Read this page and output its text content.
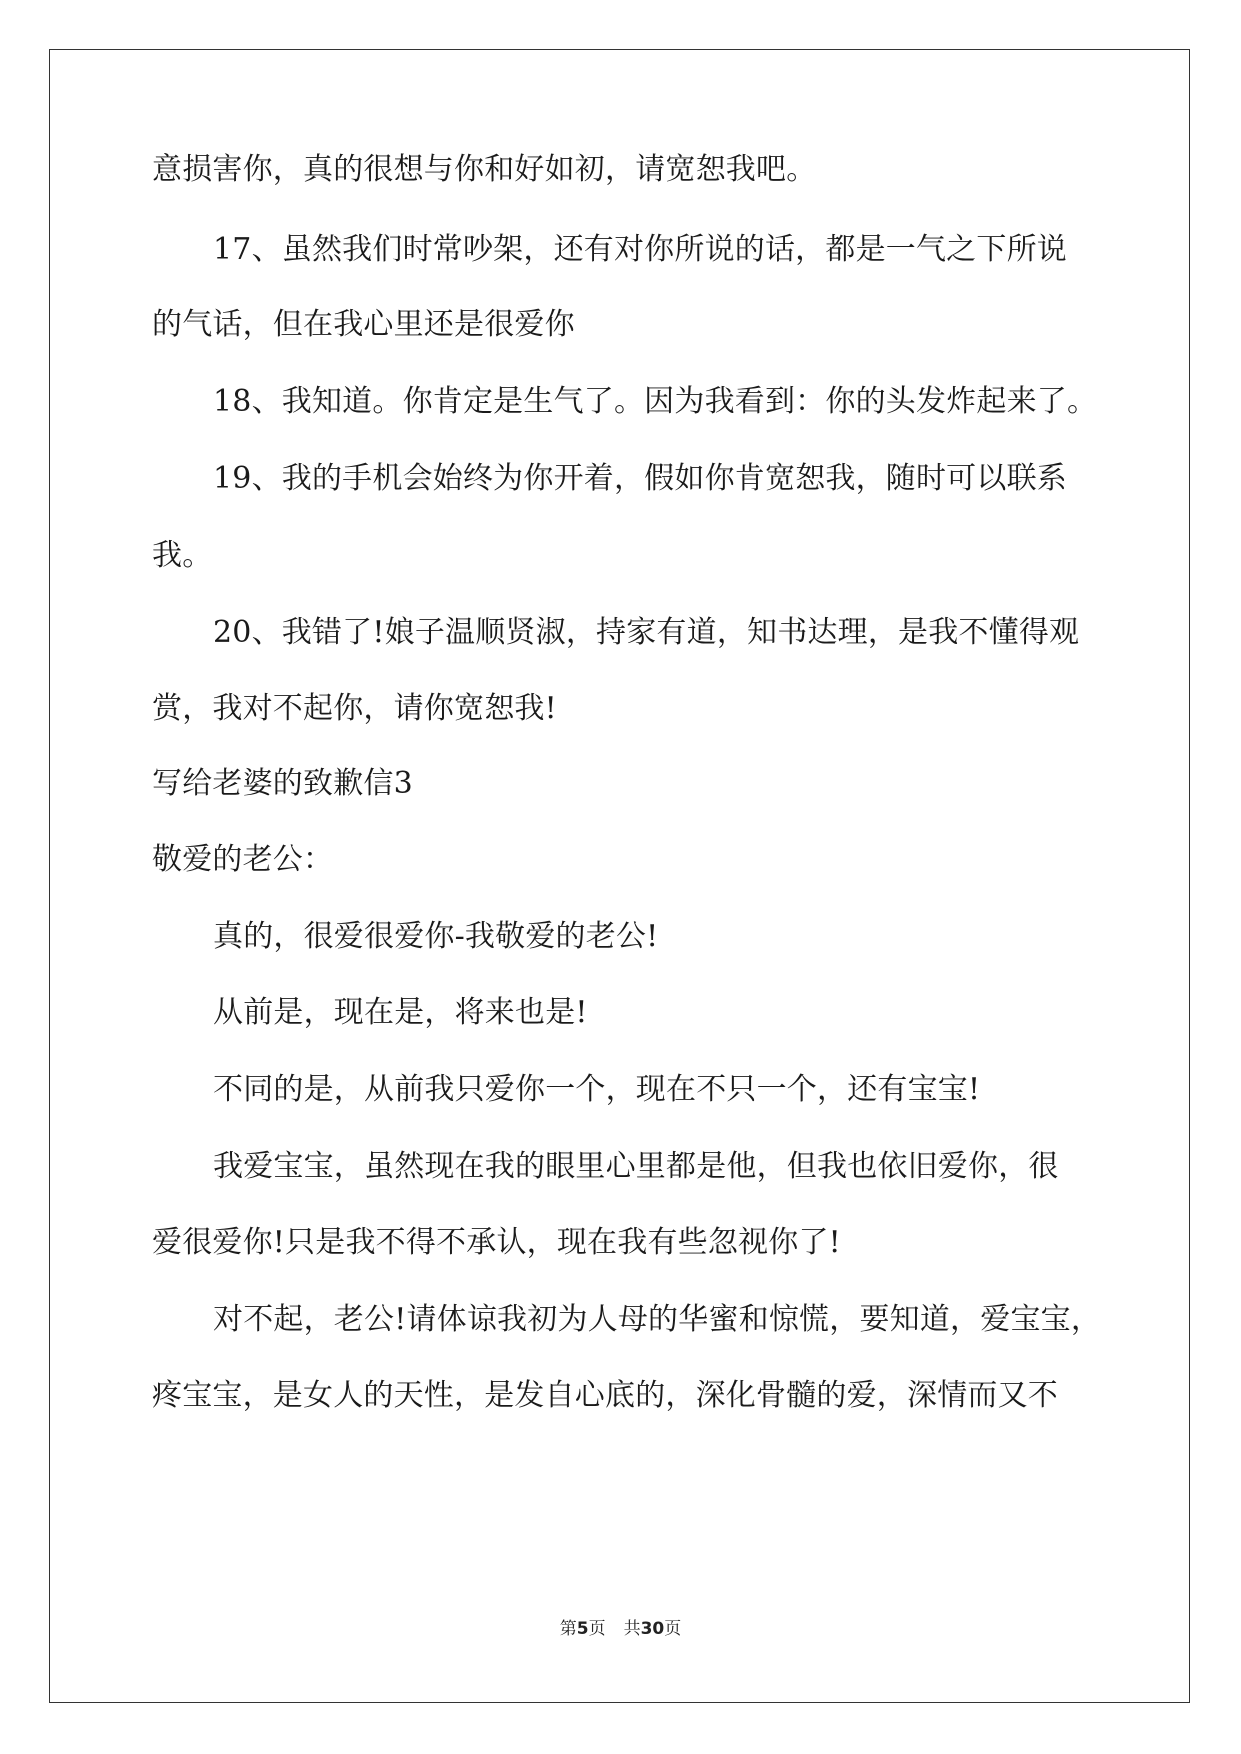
意损害你，真的很想与你和好如初，请宽恕我吧。
17、虽然我们时常吵架，还有对你所说的话，都是一气之下所说
的气话，但在我心里还是很爱你
18、我知道。你肯定是生气了。因为我看到：你的头发炸起来了。
19、我的手机会始终为你开着，假如你肯宽恕我，随时可以联系
我。
20、我错了!娘子温顺贤淑，持家有道，知书达理，是我不懂得观
赏，我对不起你，请你宽恕我!
写给老婆的致歉信3
敬爱的老公：
真的，很爱很爱你-我敬爱的老公!
从前是，现在是，将来也是!
不同的是，从前我只爱你一个，现在不只一个，还有宝宝!
我爱宝宝，虽然现在我的眼里心里都是他，但我也依旧爱你，很
爱很爱你!只是我不得不承认，现在我有些忽视你了!
对不起，老公!请体谅我初为人母的华蜜和惊慌，要知道，爱宝宝，
疼宝宝，是女人的天性，是发自心底的，深化骨髓的爱，深情而又不
第5页 共30页
